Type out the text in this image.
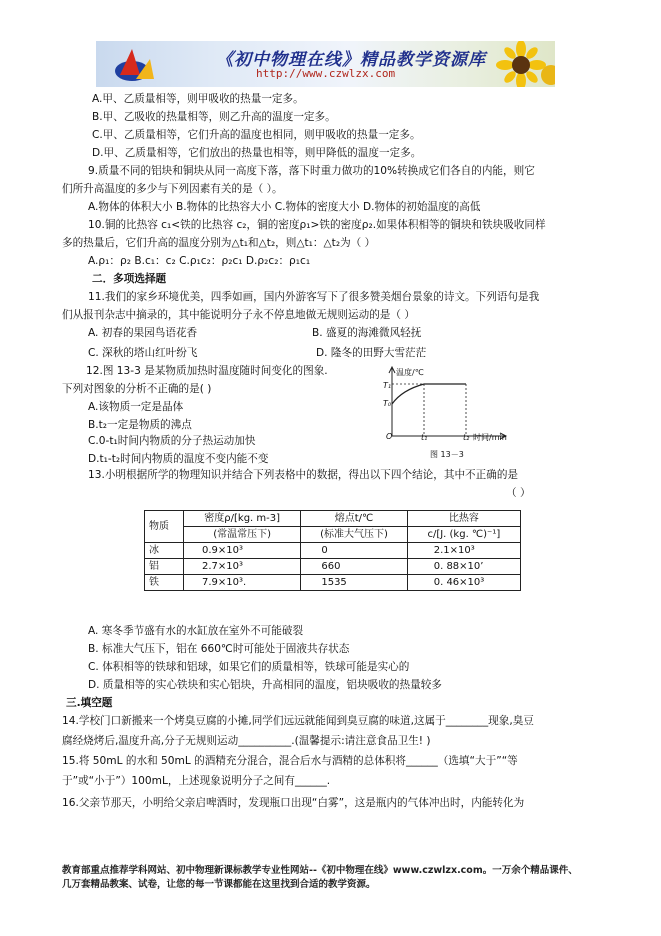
《初中物理在线》精品教学资源库
http://www.czwlzx.com
A.甲、乙质量相等，则甲吸收的热量一定多。
B.甲、乙吸收的热量相等，则乙升高的温度一定多。
C.甲、乙质量相等，它们升高的温度也相同，则甲吸收的热量一定多。
D.甲、乙质量相等，它们放出的热量也相等，则甲降低的温度一定多。
9.质量不同的铝块和铜块从同一高度下落，落下时重力做功的10%转换成它们各自的内能，则它
们所升高温度的多少与下列因素有关的是（ ）。
A.物体的体积大小 B.物体的比热容大小 C.物体的密度大小 D.物体的初始温度的高低
10.铜的比热容 c₁<铁的比热容 c₂，铜的密度ρ₁>铁的密度ρ₂.如果体积相等的铜块和铁块吸收同样
多的热量后，它们升高的温度分别为△t₁和△t₂，则△t₁：△t₂为（ ）
A.ρ₁：ρ₂ B.c₁：c₂ C.ρ₁c₂：ρ₂c₁ D.ρ₂c₂：ρ₁c₁
二．多项选择题
11.我们的家乡环境优美，四季如画，国内外游客写下了很多赞美烟台景象的诗文。下列语句是我
们从报刊杂志中摘录的，其中能说明分子永不停息地做无规则运动的是（ ）
A. 初春的果园鸟语花香	B. 盛夏的海滩微风轻抚
C. 深秋的塔山红叶纷飞	D. 隆冬的田野大雪茫茫
12.图 13-3 是某物质加热时温度随时间变化的图象.
下列对图象的分析不正确的是( )
A.该物质一定是晶体
B.t₂一定是物质的沸点
C.0-t₁时间内物质的分子热运动加快
D.t₁-t₂时间内物质的温度不变内能不变
温度/℃
T₁
T₀
O	t₁	t₂ 时间/min
图 13－3
13.小明根据所学的物理知识并结合下列表格中的数据，得出以下四个结论，其中不正确的是
（ ）
物质	密度ρ/[kg. m-3]	熔点t/℃	比热容
	(常温常压下)	(标准大气压下)	c/[J. (kg. ℃)⁻¹]
冰	0.9×10³	0	2.1×10³
铝	2.7×10³	660	0. 88×10’
铁	7.9×10³.	1535	0. 46×10³
A. 寒冬季节盛有水的水缸放在室外不可能破裂
B. 标准大气压下，铝在 660℃时可能处于固液共存状态
C. 体积相等的铁球和铝球，如果它们的质量相等，铁球可能是实心的
D. 质量相等的实心铁块和实心铝块，升高相同的温度，铝块吸收的热量较多
三.填空题
14.学校门口新搬来一个烤臭豆腐的小摊,同学们远远就能闻到臭豆腐的味道,这属于________现象,臭豆
腐经烧烤后,温度升高,分子无规则运动__________.(温馨提示:请注意食品卫生! )
15.将 50mL 的水和 50mL 的酒精充分混合，混合后水与酒精的总体积将______（选填“大于”“等
于”或“小于”）100mL，上述现象说明分子之间有______.
16.父亲节那天，小明给父亲启啤酒时，发现瓶口出现“白雾”，这是瓶内的气体冲出时，内能转化为
教育部重点推荐学科网站、初中物理新课标教学专业性网站--《初中物理在线》www.czwlzx.com。一万余个精品课件、
几万套精品教案、试卷，让您的每一节课都能在这里找到合适的教学资源。
